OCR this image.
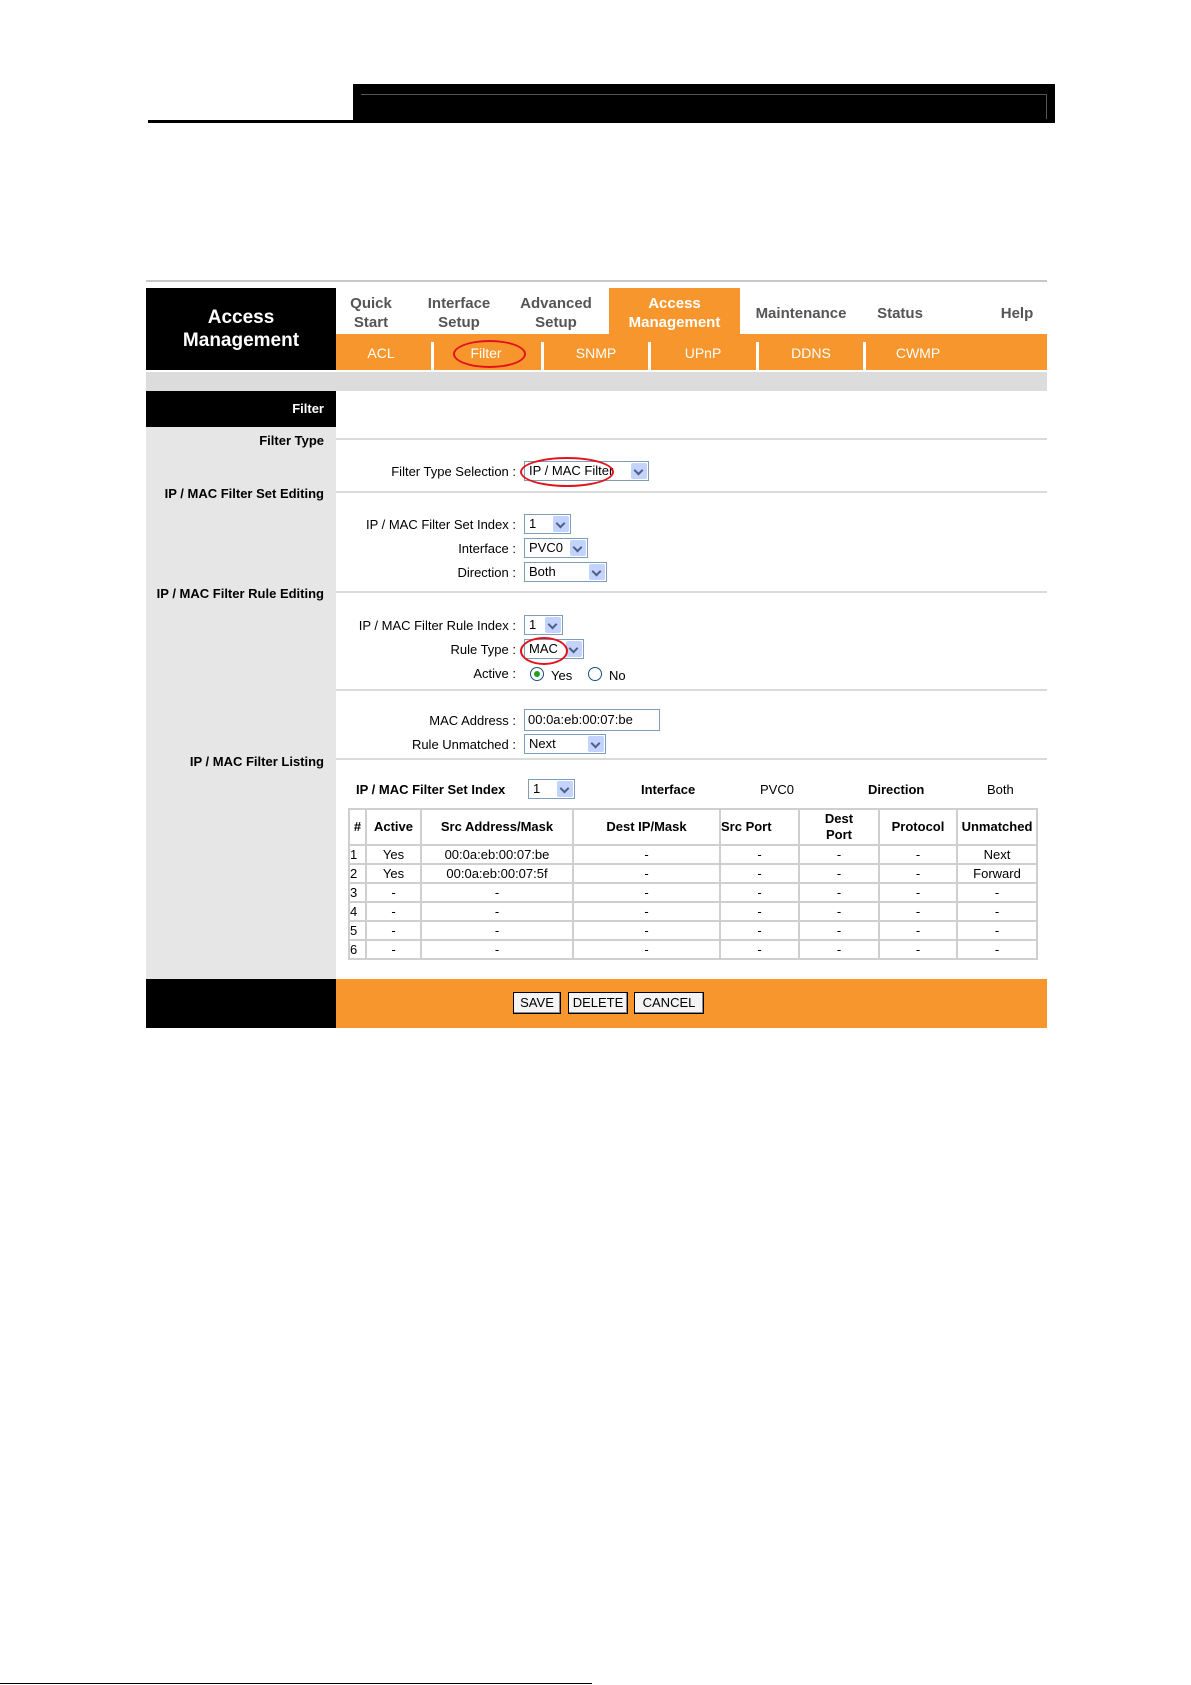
Access
Management
Quick
Start
Interface
Setup
Advanced
Setup
Access
Management
Maintenance	Status	Help
ACL	Filter	SNMP	UPnP	DDNS	CWMP
Filter
Filter Type
IP / MAC Filter Set Editing
IP / MAC Filter Rule Editing
IP / MAC Filter Listing
Filter Type Selection :	IP / MAC Filter
IP / MAC Filter Set Index :	1
Interface :	PVC0
Direction :	Both
IP / MAC Filter Rule Index :	1
Rule Type :	MAC
Active :	Yes	No
MAC Address : 00:0a:eb:00:07:be
Rule Unmatched :	Next
IP / MAC Filter Set Index	1	Interface	PVC0	Direction	Both
#	Active	Src Address/Mask	Dest IP/Mask	Src Port	Dest Port	Protocol	Unmatched
1	Yes	00:0a:eb:00:07:be	-	-	-	-	Next
2	Yes	00:0a:eb:00:07:5f	-	-	-	-	Forward
3	-	-	-	-	-	-	-
4	-	-	-	-	-	-	-
5	-	-	-	-	-	-	-
6	-	-	-	-	-	-	-
SAVE	DELETE	CANCEL
